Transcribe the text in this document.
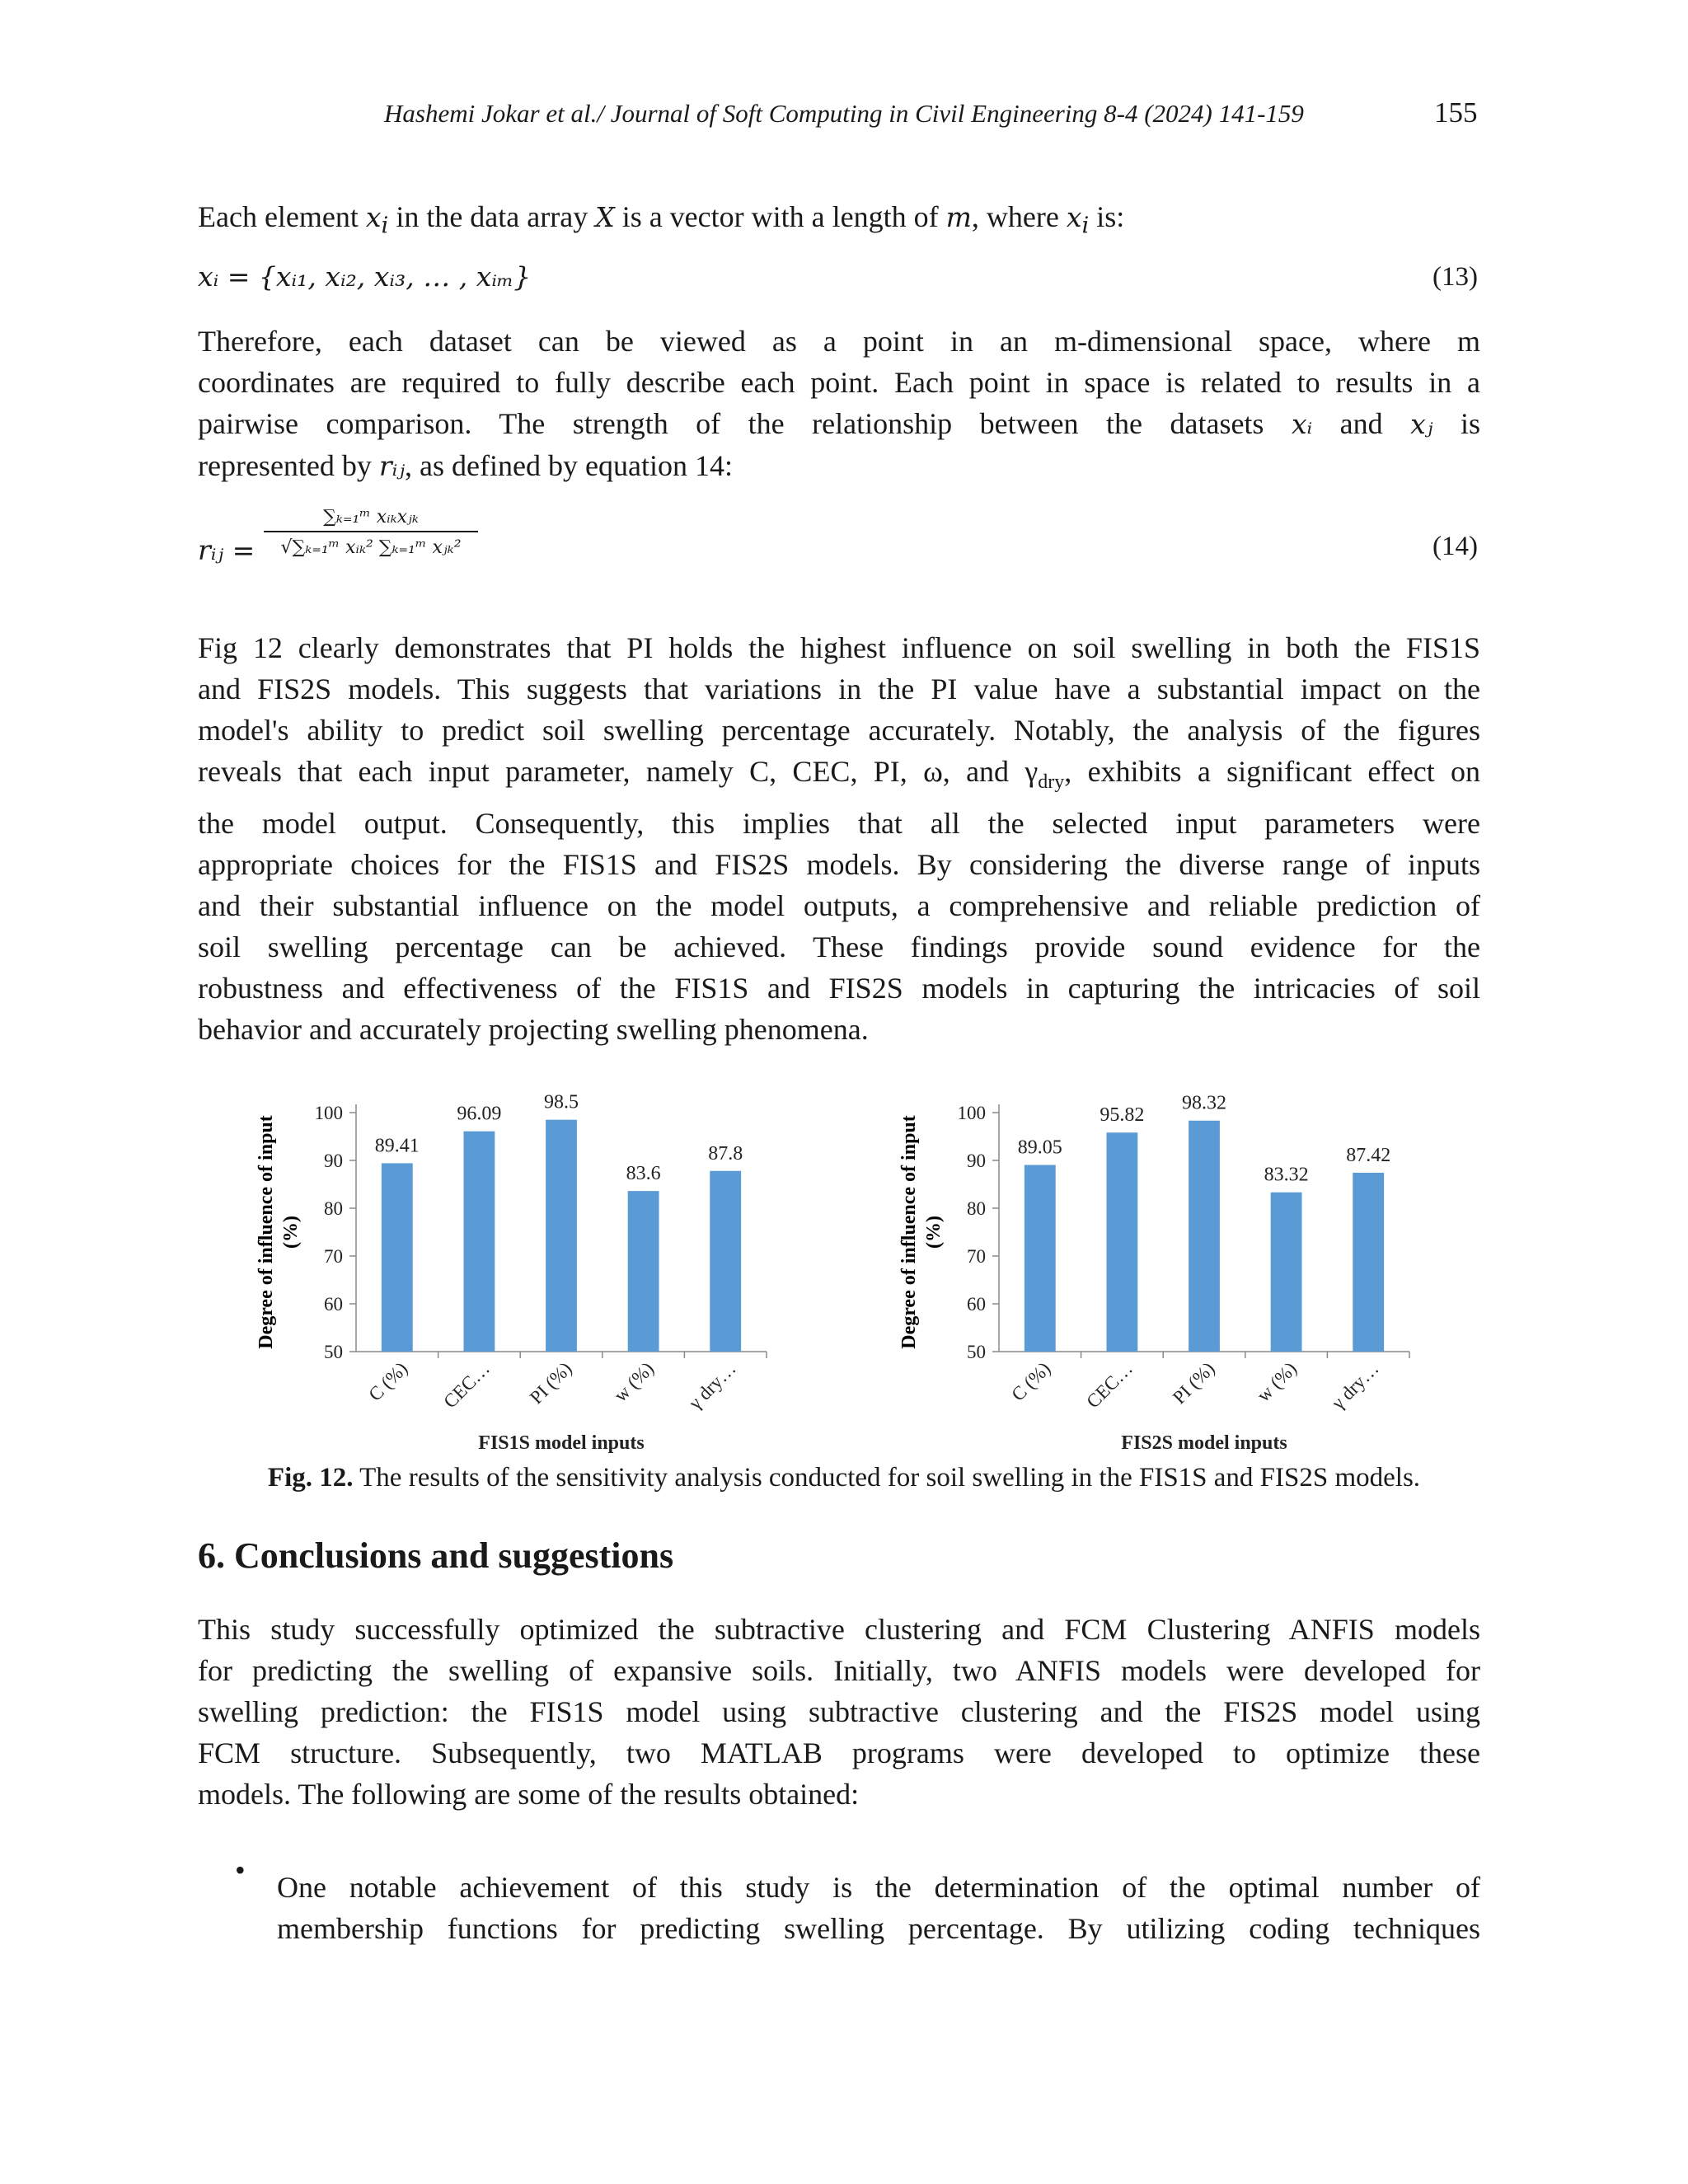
Hashemi Jokar et al./ Journal of Soft Computing in Civil Engineering 8-4 (2024) 141-159	155
Each element $x_i$ in the data array X is a vector with a length of m, where $x_i$ is:
xᵢ = {xᵢ₁, xᵢ₂, xᵢ₃, … , xᵢₘ}	(13)
Therefore, each dataset can be viewed as a point in an m-dimensional space, where m
coordinates are required to fully describe each point. Each point in space is related to results in a
pairwise comparison. The strength of the relationship between the datasets xᵢ and xⱼ is
represented by rᵢⱼ, as defined by equation 14:
rᵢⱼ =
∑ₖ₌₁ᵐ xᵢₖxⱼₖ
√∑ₖ₌₁ᵐ xᵢₖ² ∑ₖ₌₁ᵐ xⱼₖ²	(14)
Fig 12 clearly demonstrates that PI holds the highest influence on soil swelling in both the FIS1S
and FIS2S models. This suggests that variations in the PI value have a substantial impact on the
model's ability to predict soil swelling percentage accurately. Notably, the analysis of the figures
reveals that each input parameter, namely C, CEC, PI, ω, and $\gamma_{dry}$, exhibits a significant effect on
the model output. Consequently, this implies that all the selected input parameters were
appropriate choices for the FIS1S and FIS2S models. By considering the diverse range of inputs
and their substantial influence on the model outputs, a comprehensive and reliable prediction of
soil swelling percentage can be achieved. These findings provide sound evidence for the
robustness and effectiveness of the FIS1S and FIS2S models in capturing the intricacies of soil
behavior and accurately projecting swelling phenomena.
Degree of influence of input (%)
100
90
80
70
60
50
89.41
C (%)
96.09
CEC…
98.5
PI (%)
83.6
w (%)
87.8
γ dry…
FIS1S model inputs
Degree of influence of input (%)
100
90
80
70
60
50
89.05
C (%)
95.82
CEC…
98.32
PI (%)
83.32
w (%)
87.42
γ dry…
FIS2S model inputs
Fig. 12. The results of the sensitivity analysis conducted for soil swelling in the FIS1S and FIS2S models.
6. Conclusions and suggestions
This study successfully optimized the subtractive clustering and FCM Clustering ANFIS models
for predicting the swelling of expansive soils. Initially, two ANFIS models were developed for
swelling prediction: the FIS1S model using subtractive clustering and the FIS2S model using
FCM structure. Subsequently, two MATLAB programs were developed to optimize these
models. The following are some of the results obtained:
•
One notable achievement of this study is the determination of the optimal number of
membership functions for predicting swelling percentage. By utilizing coding techniques
